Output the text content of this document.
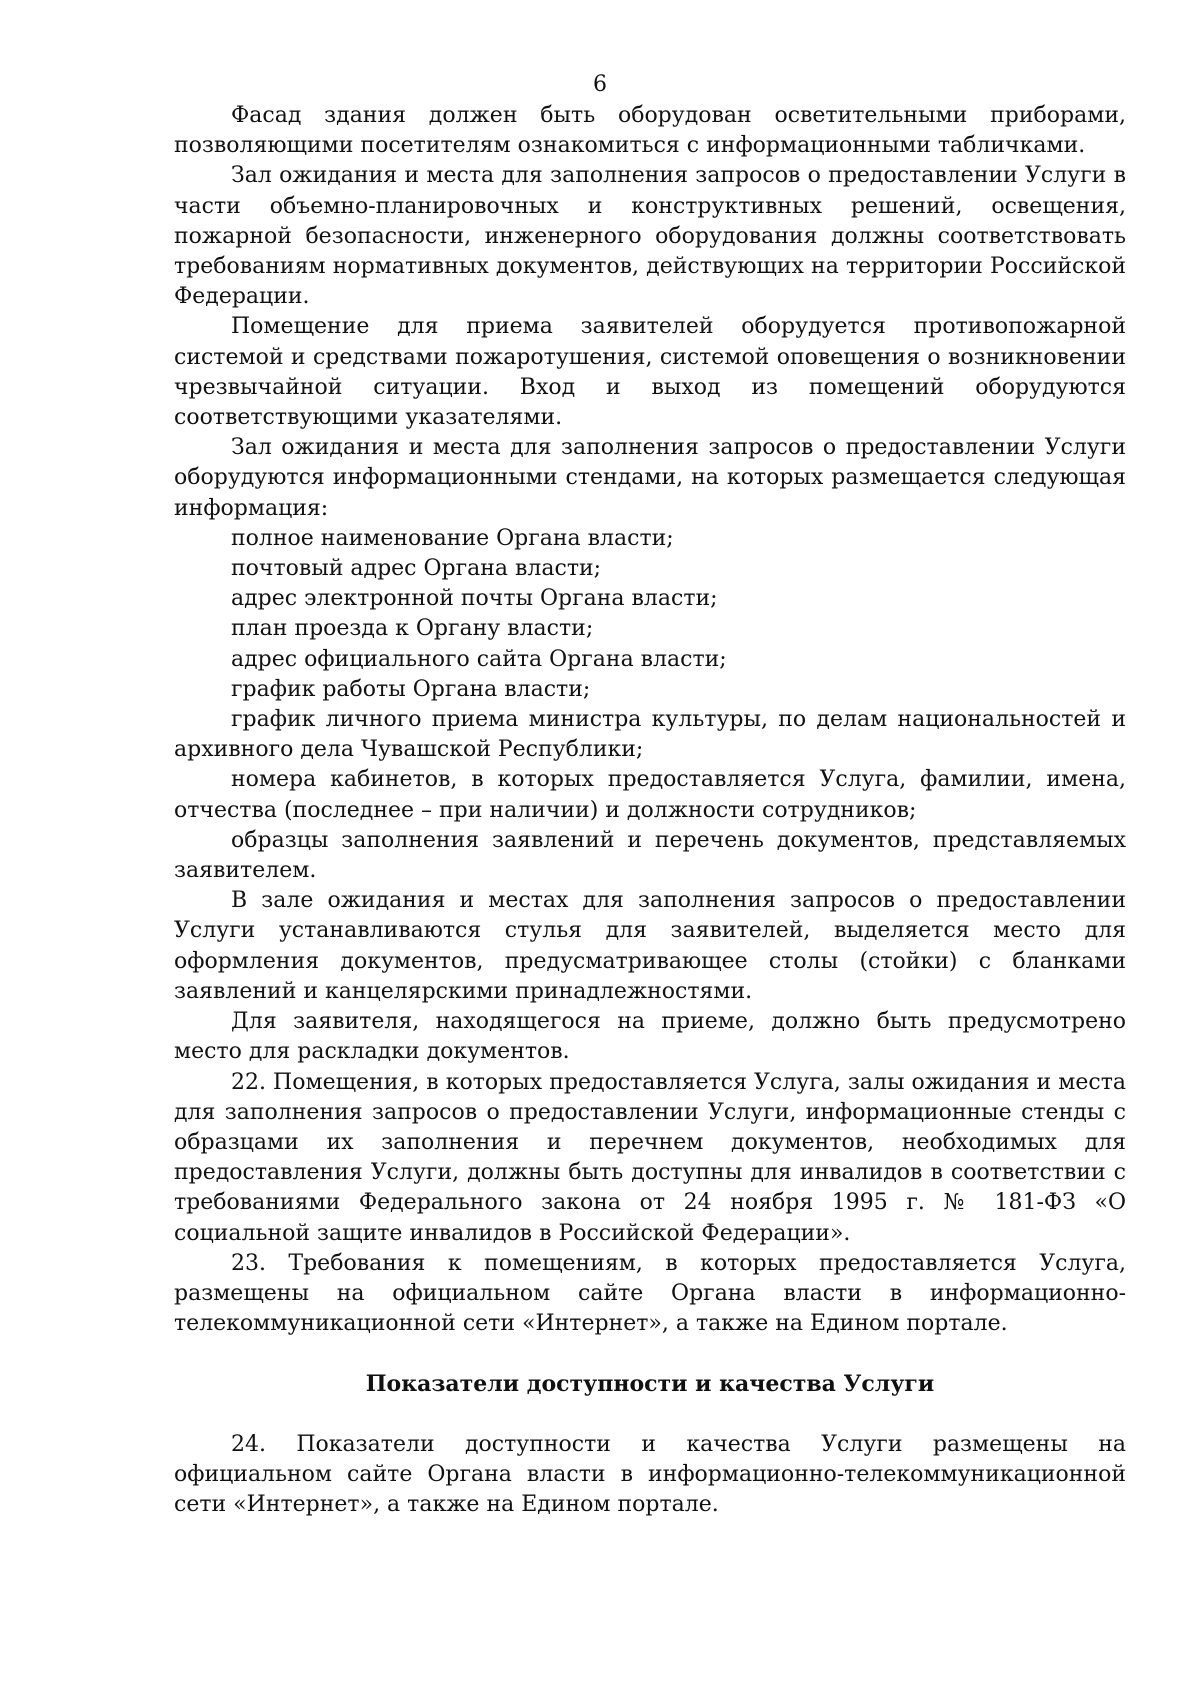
6

Фасад здания должен быть оборудован осветительными приборами, позволяющими посетителям ознакомиться с информационными табличками.

Зал ожидания и места для заполнения запросов о предоставлении Услуги в части объемно-планировочных и конструктивных решений, освещения, пожарной безопасности, инженерного оборудования должны соответствовать требованиям нормативных документов, действующих на территории Российской Федерации.

Помещение для приема заявителей оборудуется противопожарной системой и средствами пожаротушения, системой оповещения о возникновении чрезвычайной ситуации. Вход и выход из помещений оборудуются соответствующими указателями.

Зал ожидания и места для заполнения запросов о предоставлении Услуги оборудуются информационными стендами, на которых размещается следующая информация:

полное наименование Органа власти;

почтовый адрес Органа власти;

адрес электронной почты Органа власти;

план проезда к Органу власти;

адрес официального сайта Органа власти;

график работы Органа власти;

график личного приема министра культуры, по делам национальностей и архивного дела Чувашской Республики;

номера кабинетов, в которых предоставляется Услуга, фамилии, имена, отчества (последнее – при наличии) и должности сотрудников;

образцы заполнения заявлений и перечень документов, представляемых заявителем.

В зале ожидания и местах для заполнения запросов о предоставлении Услуги устанавливаются стулья для заявителей, выделяется место для оформления документов, предусматривающее столы (стойки) с бланками заявлений и канцелярскими принадлежностями.

Для заявителя, находящегося на приеме, должно быть предусмотрено место для раскладки документов.

22. Помещения, в которых предоставляется Услуга, залы ожидания и места для заполнения запросов о предоставлении Услуги, информационные стенды с образцами их заполнения и перечнем документов, необходимых для предоставления Услуги, должны быть доступны для инвалидов в соответствии с требованиями Федерального закона от 24 ноября 1995 г. № 181-ФЗ «О социальной защите инвалидов в Российской Федерации».

23. Требования к помещениям, в которых предоставляется Услуга, размещены на официальном сайте Органа власти в информационно-телекоммуникационной сети «Интернет», а также на Едином портале.

Показатели доступности и качества Услуги

24. Показатели доступности и качества Услуги размещены на официальном сайте Органа власти в информационно-телекоммуникационной сети «Интернет», а также на Едином портале.
